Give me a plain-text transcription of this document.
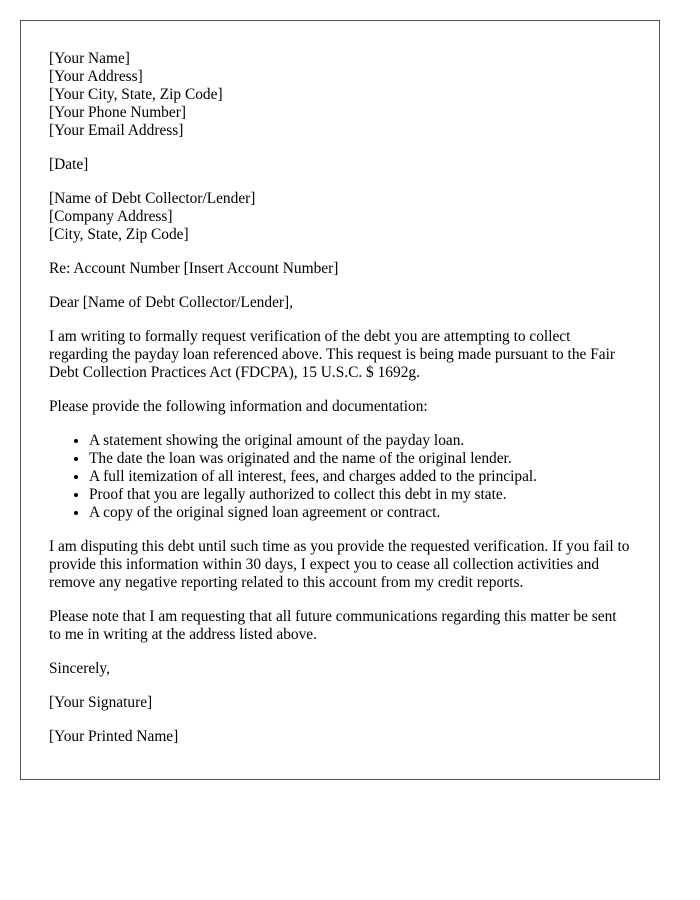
[Your Name]
[Your Address]
[Your City, State, Zip Code]
[Your Phone Number]
[Your Email Address]
[Date]
[Name of Debt Collector/Lender]
[Company Address]
[City, State, Zip Code]

Re: Account Number [Insert Account Number]

Dear [Name of Debt Collector/Lender],

I am writing to formally request verification of the debt you are attempting to collect regarding the payday loan referenced above. This request is being made pursuant to the Fair Debt Collection Practices Act (FDCPA), 15 U.S.C. $ 1692g.

Please provide the following information and documentation:

• A statement showing the original amount of the payday loan.
• The date the loan was originated and the name of the original lender.
• A full itemization of all interest, fees, and charges added to the principal.
• Proof that you are legally authorized to collect this debt in my state.
• A copy of the original signed loan agreement or contract.

I am disputing this debt until such time as you provide the requested verification. If you fail to provide this information within 30 days, I expect you to cease all collection activities and remove any negative reporting related to this account from my credit reports.

Please note that I am requesting that all future communications regarding this matter be sent to me in writing at the address listed above.

Sincerely,

[Your Signature]

[Your Printed Name]
